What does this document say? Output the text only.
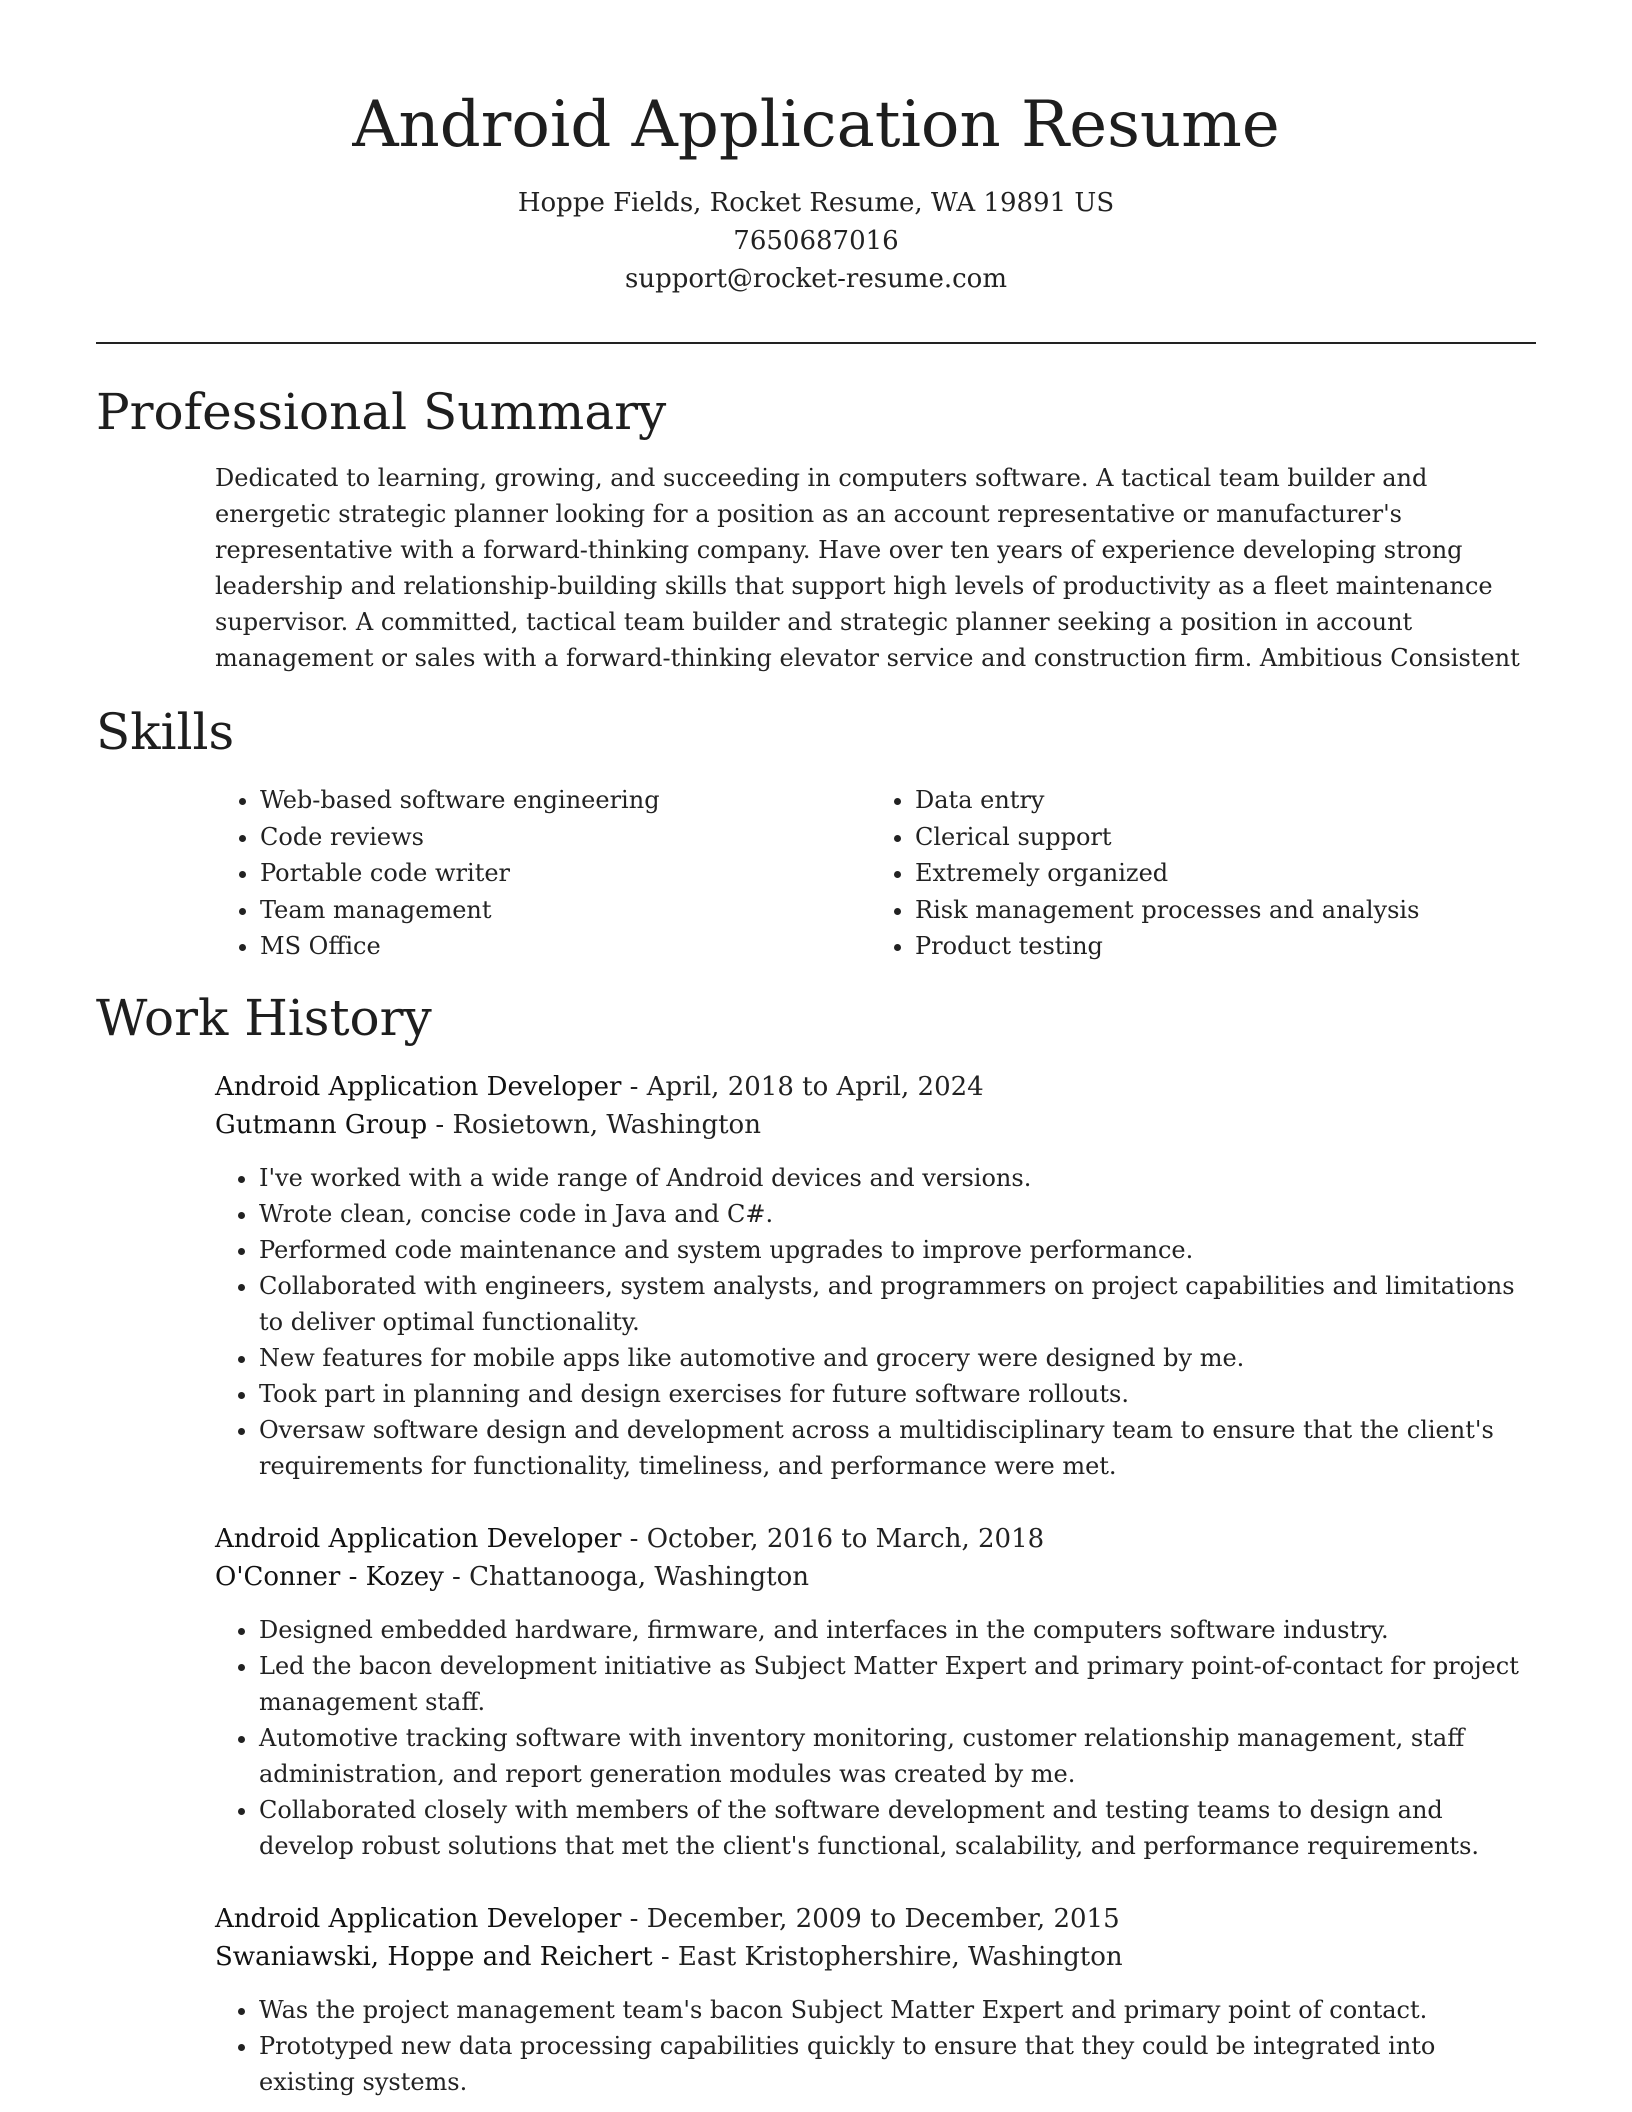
Android Application Resume

Hoppe Fields, Rocket Resume, WA 19891 US

7650687016

support@rocket-resume.com

Professional Summary

Dedicated to learning, growing, and succeeding in computers software. A tactical team builder and energetic strategic planner looking for a position as an account representative or manufacturer's representative with a forward-thinking company. Have over ten years of experience developing strong leadership and relationship-building skills that support high levels of productivity as a fleet maintenance supervisor. A committed, tactical team builder and strategic planner seeking a position in account management or sales with a forward-thinking elevator service and construction firm. Ambitious Consistent

Skills
• Web-based software engineering
• Code reviews
• Portable code writer
• Team management
• MS Office
• Data entry
• Clerical support
• Extremely organized
• Risk management processes and analysis
• Product testing
Work History

Android Application Developer - April, 2018 to April, 2024

Gutmann Group - Rosietown, Washington

• I've worked with a wide range of Android devices and versions.
• Wrote clean, concise code in Java and C#.
• Performed code maintenance and system upgrades to improve performance.
• Collaborated with engineers, system analysts, and programmers on project capabilities and limitations to deliver optimal functionality.
• New features for mobile apps like automotive and grocery were designed by me.
• Took part in planning and design exercises for future software rollouts.
• Oversaw software design and development across a multidisciplinary team to ensure that the client's requirements for functionality, timeliness, and performance were met.

Android Application Developer - October, 2016 to March, 2018

O'Conner - Kozey - Chattanooga, Washington

• Designed embedded hardware, firmware, and interfaces in the computers software industry.
• Led the bacon development initiative as Subject Matter Expert and primary point-of-contact for project management staff.
• Automotive tracking software with inventory monitoring, customer relationship management, staff administration, and report generation modules was created by me.
• Collaborated closely with members of the software development and testing teams to design and develop robust solutions that met the client's functional, scalability, and performance requirements.

Android Application Developer - December, 2009 to December, 2015

Swaniawski, Hoppe and Reichert - East Kristophershire, Washington

• Was the project management team's bacon Subject Matter Expert and primary point of contact.
• Prototyped new data processing capabilities quickly to ensure that they could be integrated into existing systems.
